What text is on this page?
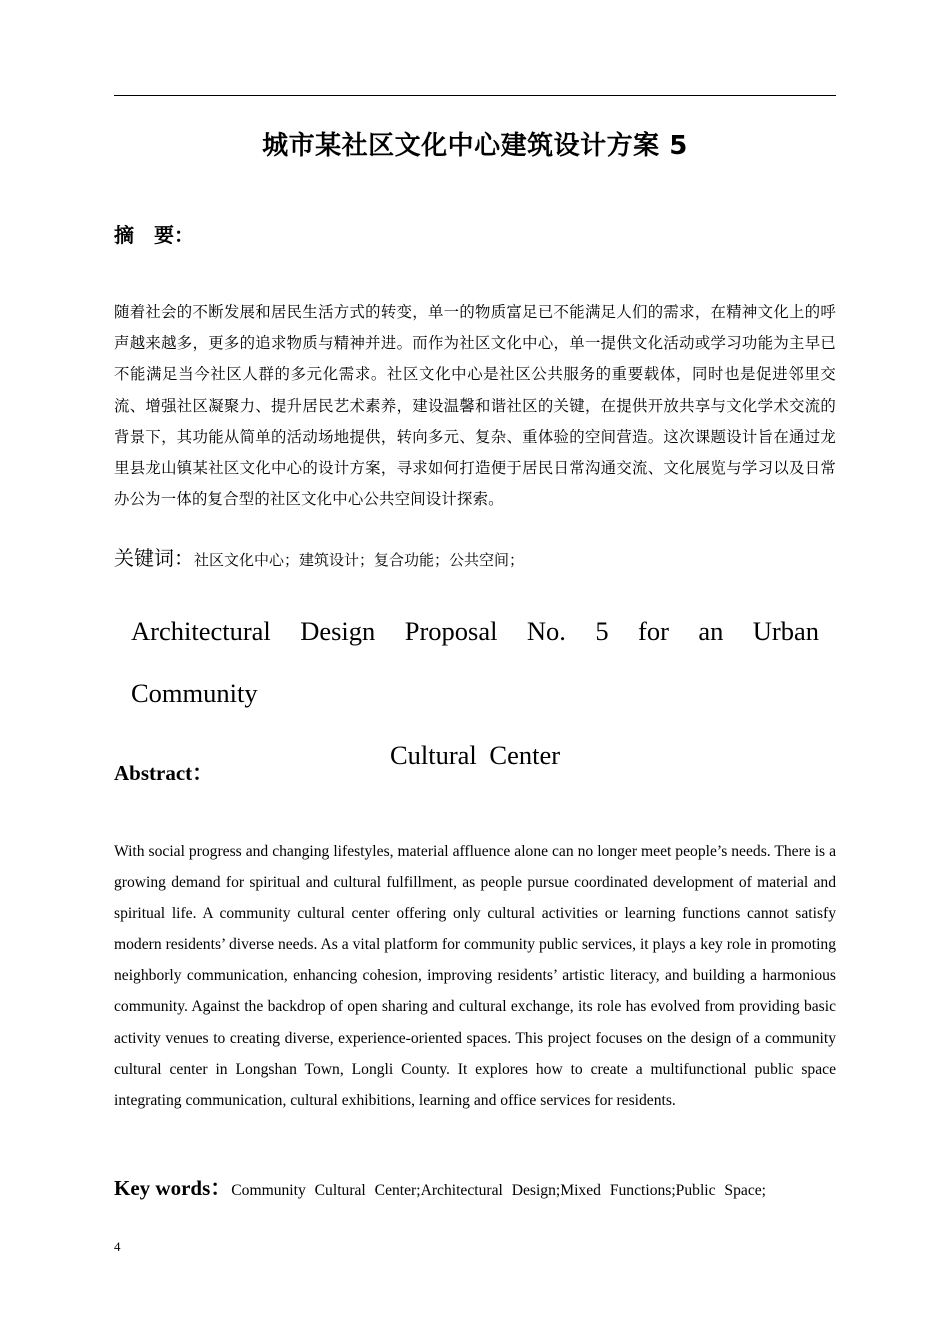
城市某社区文化中心建筑设计方案 5
摘　要：
随着社会的不断发展和居民生活方式的转变，单一的物质富足已不能满足人们的需求，在精神文化上的呼声越来越多，更多的追求物质与精神并进。而作为社区文化中心，单一提供文化活动或学习功能为主早已不能满足当今社区人群的多元化需求。社区文化中心是社区公共服务的重要载体，同时也是促进邻里交流、增强社区凝聚力、提升居民艺术素养，建设温馨和谐社区的关键，在提供开放共享与文化学术交流的背景下，其功能从简单的活动场地提供，转向多元、复杂、重体验的空间营造。这次课题设计旨在通过龙里县龙山镇某社区文化中心的设计方案，寻求如何打造便于居民日常沟通交流、文化展览与学习以及日常办公为一体的复合型的社区文化中心公共空间设计探索。
关键词：社区文化中心；建筑设计；复合功能；公共空间；
Architectural Design Proposal No. 5 for an Urban Community
Cultural Center
Abstract：
With social progress and changing lifestyles, material affluence alone can no longer meet people’s needs. There is a growing demand for spiritual and cultural fulfillment, as people pursue coordinated development of material and spiritual life. A community cultural center offering only cultural activities or learning functions cannot satisfy modern residents’ diverse needs. As a vital platform for community public services, it plays a key role in promoting neighborly communication, enhancing cohesion, improving residents’ artistic literacy, and building a harmonious community. Against the backdrop of open sharing and cultural exchange, its role has evolved from providing basic activity venues to creating diverse, experience-oriented spaces. This project focuses on the design of a community cultural center in Longshan Town, Longli County. It explores how to create a multifunctional public space integrating communication, cultural exhibitions, learning and office services for residents.
Key words：Community Cultural Center;Architectural Design;Mixed Functions;Public Space;
4
